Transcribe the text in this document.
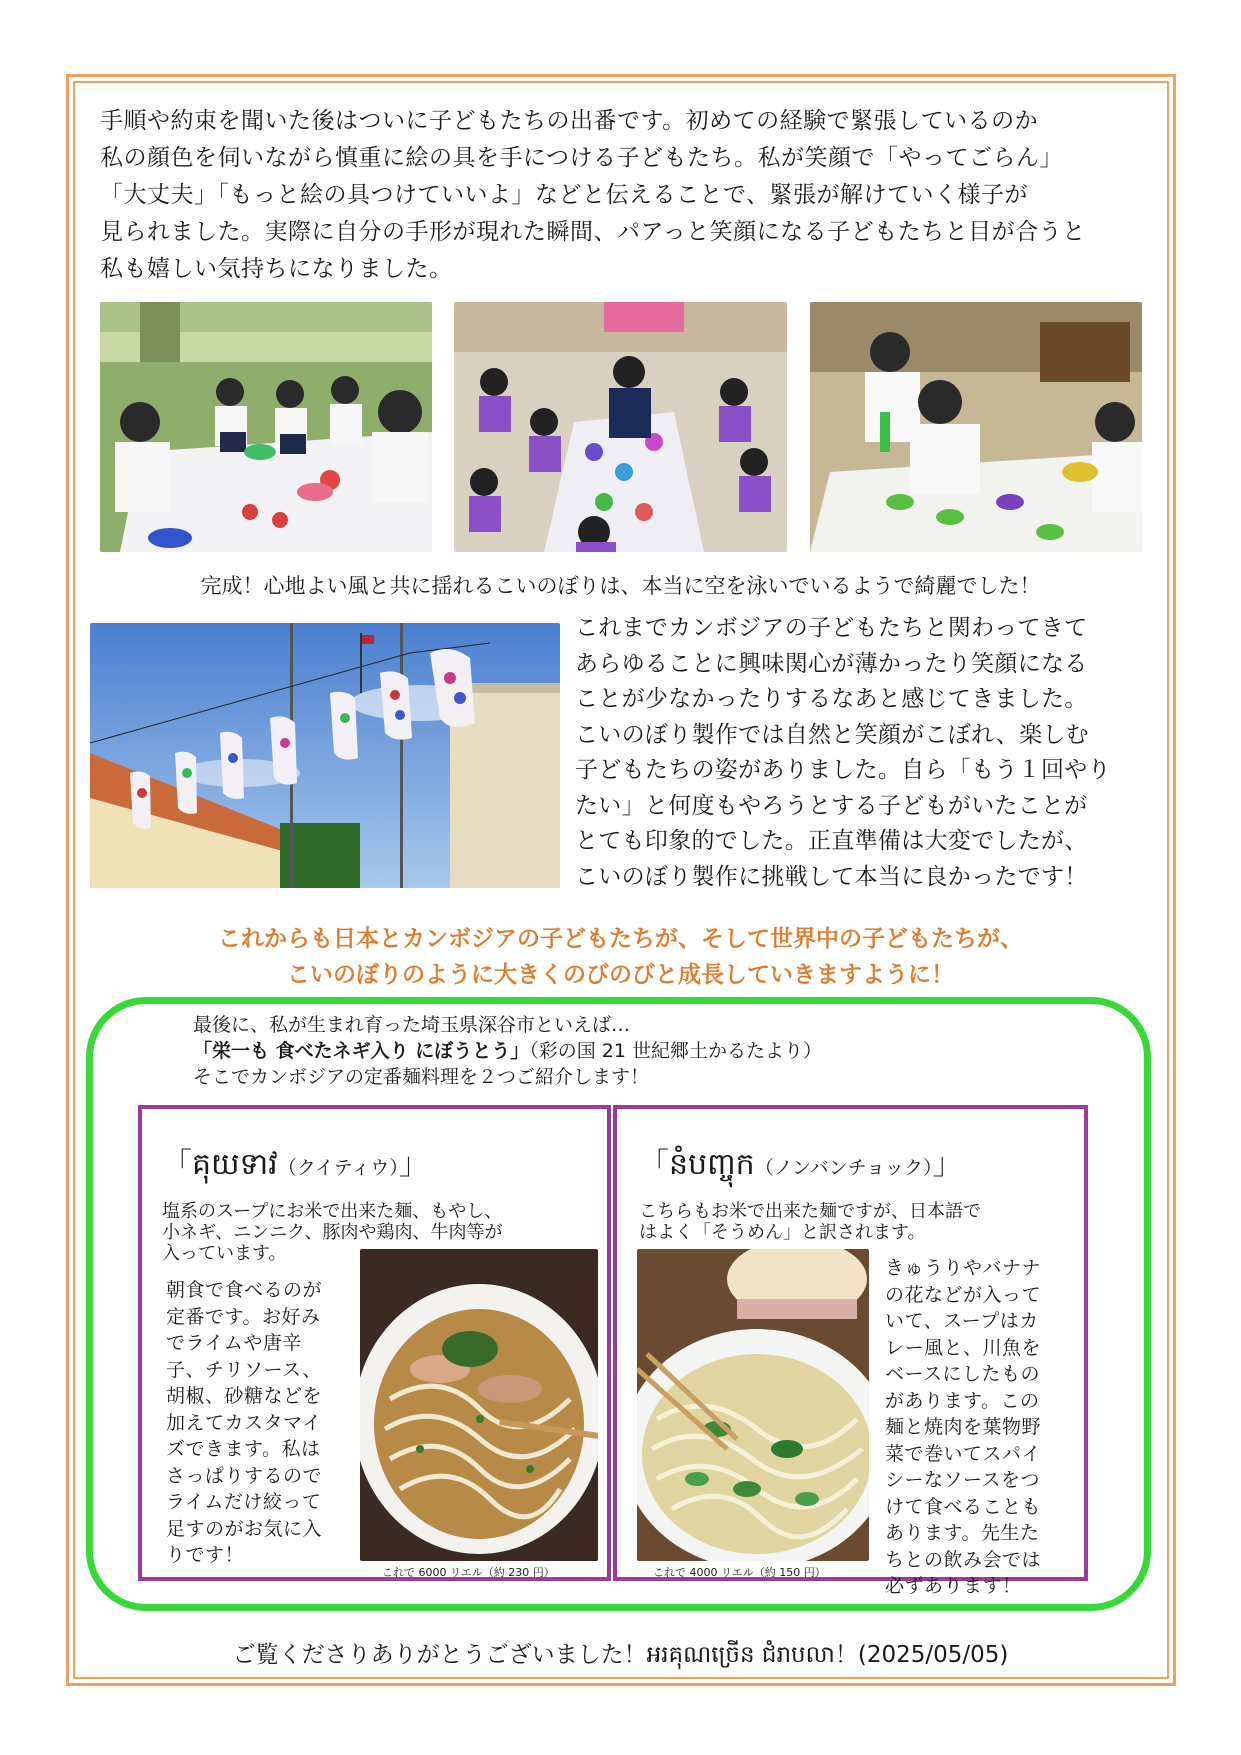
手順や約束を聞いた後はついに子どもたちの出番です。初めての経験で緊張しているのか

私の顔色を伺いながら慎重に絵の具を手につける子どもたち。私が笑顔で「やってごらん」

「大丈夫」「もっと絵の具つけていいよ」などと伝えることで、緊張が解けていく様子が

見られました。実際に自分の手形が現れた瞬間、パアっと笑顔になる子どもたちと目が合うと

私も嬉しい気持ちになりました。

完成！心地よい風と共に揺れるこいのぼりは、本当に空を泳いでいるようで綺麗でした！

これまでカンボジアの子どもたちと関わってきて

あらゆることに興味関心が薄かったり笑顔になる

ことが少なかったりするなあと感じてきました。

こいのぼり製作では自然と笑顔がこぼれ、楽しむ

子どもたちの姿がありました。自ら「もう１回やり

たい」と何度もやろうとする子どもがいたことが

とても印象的でした。正直準備は大変でしたが、

こいのぼり製作に挑戦して本当に良かったです！

これからも日本とカンボジアの子どもたちが、そして世界中の子どもたちが、
こいのぼりのように大きくのびのびと成長していきますように！

最後に、私が生まれ育った埼玉県深谷市といえば…

「栄一も 食べたネギ入り にぼうとう」（彩の国 21 世紀郷土かるたより）

そこでカンボジアの定番麺料理を２つご紹介します！

「គុយទាវ（クイティウ）」

塩系のスープにお米で出来た麺、もやし、

小ネギ、ニンニク、豚肉や鶏肉、牛肉等が

入っています。

朝食で食べるのが

定番です。お好み

でライムや唐辛

子、チリソース、

胡椒、砂糖などを

加えてカスタマイ

ズできます。私は

さっぱりするので

ライムだけ絞って

足すのがお気に入

りです！

これで 6000 リエル（約 230 円）
「នំបញ្ចុក（ノンバンチョック）」

こちらもお米で出来た麺ですが、日本語で

はよく「そうめん」と訳されます。

これで 4000 リエル（約 150 円）

きゅうりやバナナ

の花などが入って

いて、スープはカ

レー風と、川魚を

ベースにしたもの

があります。この

麺と焼肉を葉物野

菜で巻いてスパイ

シーなソースをつ

けて食べることも

あります。先生た

ちとの飲み会では

必ずあります！

ご覧くださりありがとうございました！អរគុណច្រើន ជំរាបលា！(2025/05/05)
